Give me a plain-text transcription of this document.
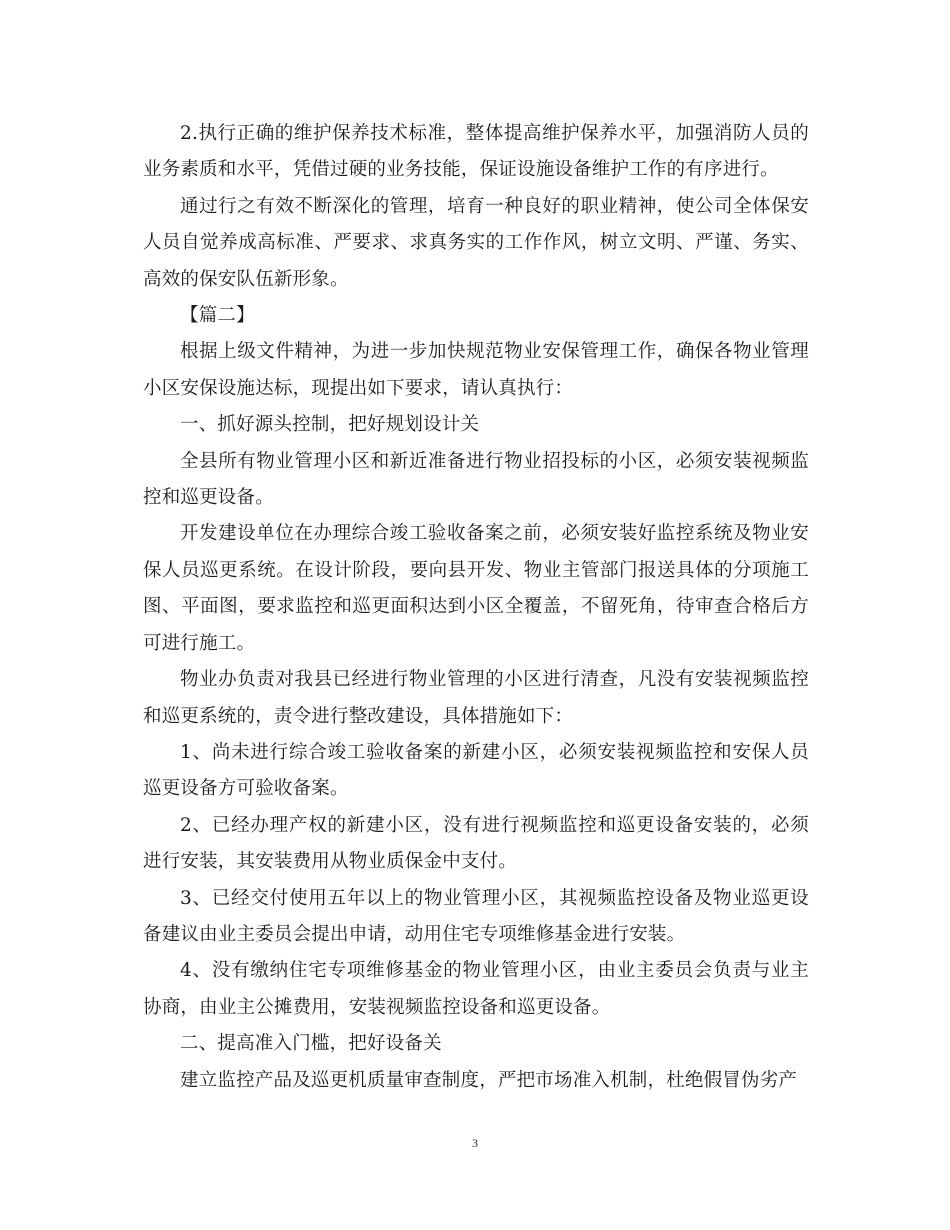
2.执行正确的维护保养技术标准，整体提高维护保养水平，加强消防人员的业务素质和水平，凭借过硬的业务技能，保证设施设备维护工作的有序进行。

通过行之有效不断深化的管理，培育一种良好的职业精神，使公司全体保安人员自觉养成高标准、严要求、求真务实的工作作风，树立文明、严谨、务实、高效的保安队伍新形象。

【篇二】

根据上级文件精神，为进一步加快规范物业安保管理工作，确保各物业管理小区安保设施达标，现提出如下要求，请认真执行：

一、抓好源头控制，把好规划设计关

全县所有物业管理小区和新近准备进行物业招投标的小区，必须安装视频监控和巡更设备。

开发建设单位在办理综合竣工验收备案之前，必须安装好监控系统及物业安保人员巡更系统。在设计阶段，要向县开发、物业主管部门报送具体的分项施工图、平面图，要求监控和巡更面积达到小区全覆盖，不留死角，待审查合格后方可进行施工。

物业办负责对我县已经进行物业管理的小区进行清查，凡没有安装视频监控和巡更系统的，责令进行整改建设，具体措施如下：

1、尚未进行综合竣工验收备案的新建小区，必须安装视频监控和安保人员巡更设备方可验收备案。

2、已经办理产权的新建小区，没有进行视频监控和巡更设备安装的，必须进行安装，其安装费用从物业质保金中支付。

3、已经交付使用五年以上的物业管理小区，其视频监控设备及物业巡更设备建议由业主委员会提出申请，动用住宅专项维修基金进行安装。

4、没有缴纳住宅专项维修基金的物业管理小区，由业主委员会负责与业主协商，由业主公摊费用，安装视频监控设备和巡更设备。

二、提高准入门槛，把好设备关

建立监控产品及巡更机质量审查制度，严把市场准入机制，杜绝假冒伪劣产

3
